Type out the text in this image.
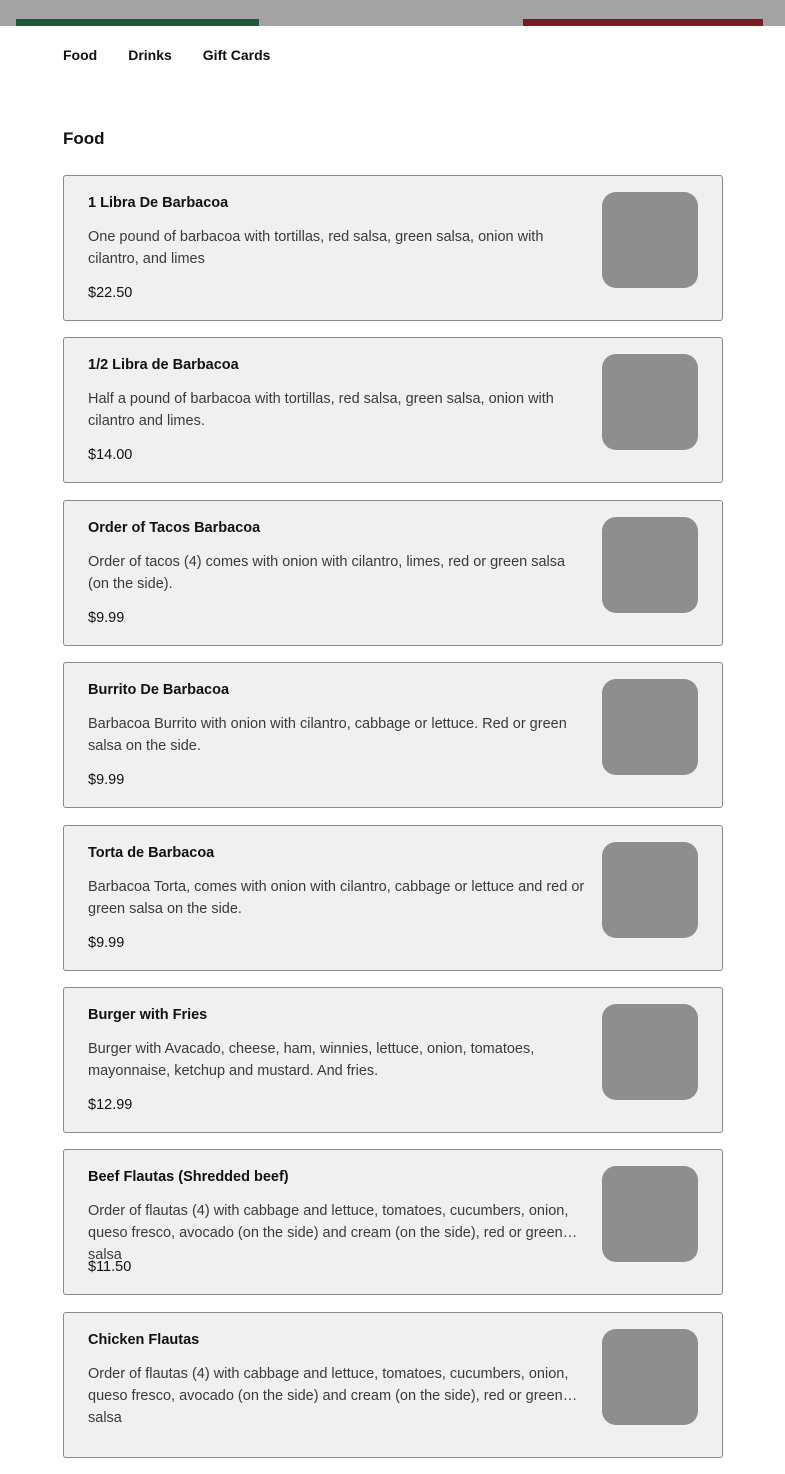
Food Drinks Gift Cards
Food
1 Libra De Barbacoa
One pound of barbacoa with tortillas, red salsa, green salsa, onion with cilantro, and limes
$22.50
1/2 Libra de Barbacoa
Half a pound of barbacoa with tortillas, red salsa, green salsa, onion with cilantro and limes.
$14.00
Order of Tacos Barbacoa
Order of tacos (4) comes with onion with cilantro, limes, red or green salsa (on the side).
$9.99
Burrito De Barbacoa
Barbacoa Burrito with onion with cilantro, cabbage or lettuce. Red or green salsa on the side.
$9.99
Torta de Barbacoa
Barbacoa Torta, comes with onion with cilantro, cabbage or lettuce and red or green salsa on the side.
$9.99
Burger with Fries
Burger with Avacado, cheese, ham, winnies, lettuce, onion, tomatoes, mayonnaise, ketchup and mustard. And fries.
$12.99
Beef Flautas (Shredded beef)
Order of flautas (4) with cabbage and lettuce, tomatoes, cucumbers, onion, queso fresco, avocado (on the side) and cream (on the side), red or green salsa
$11.50
Chicken Flautas
Order of flautas (4) with cabbage and lettuce, tomatoes, cucumbers, onion, queso fresco, avocado (on the side) and cream (on the side), red or green salsa
